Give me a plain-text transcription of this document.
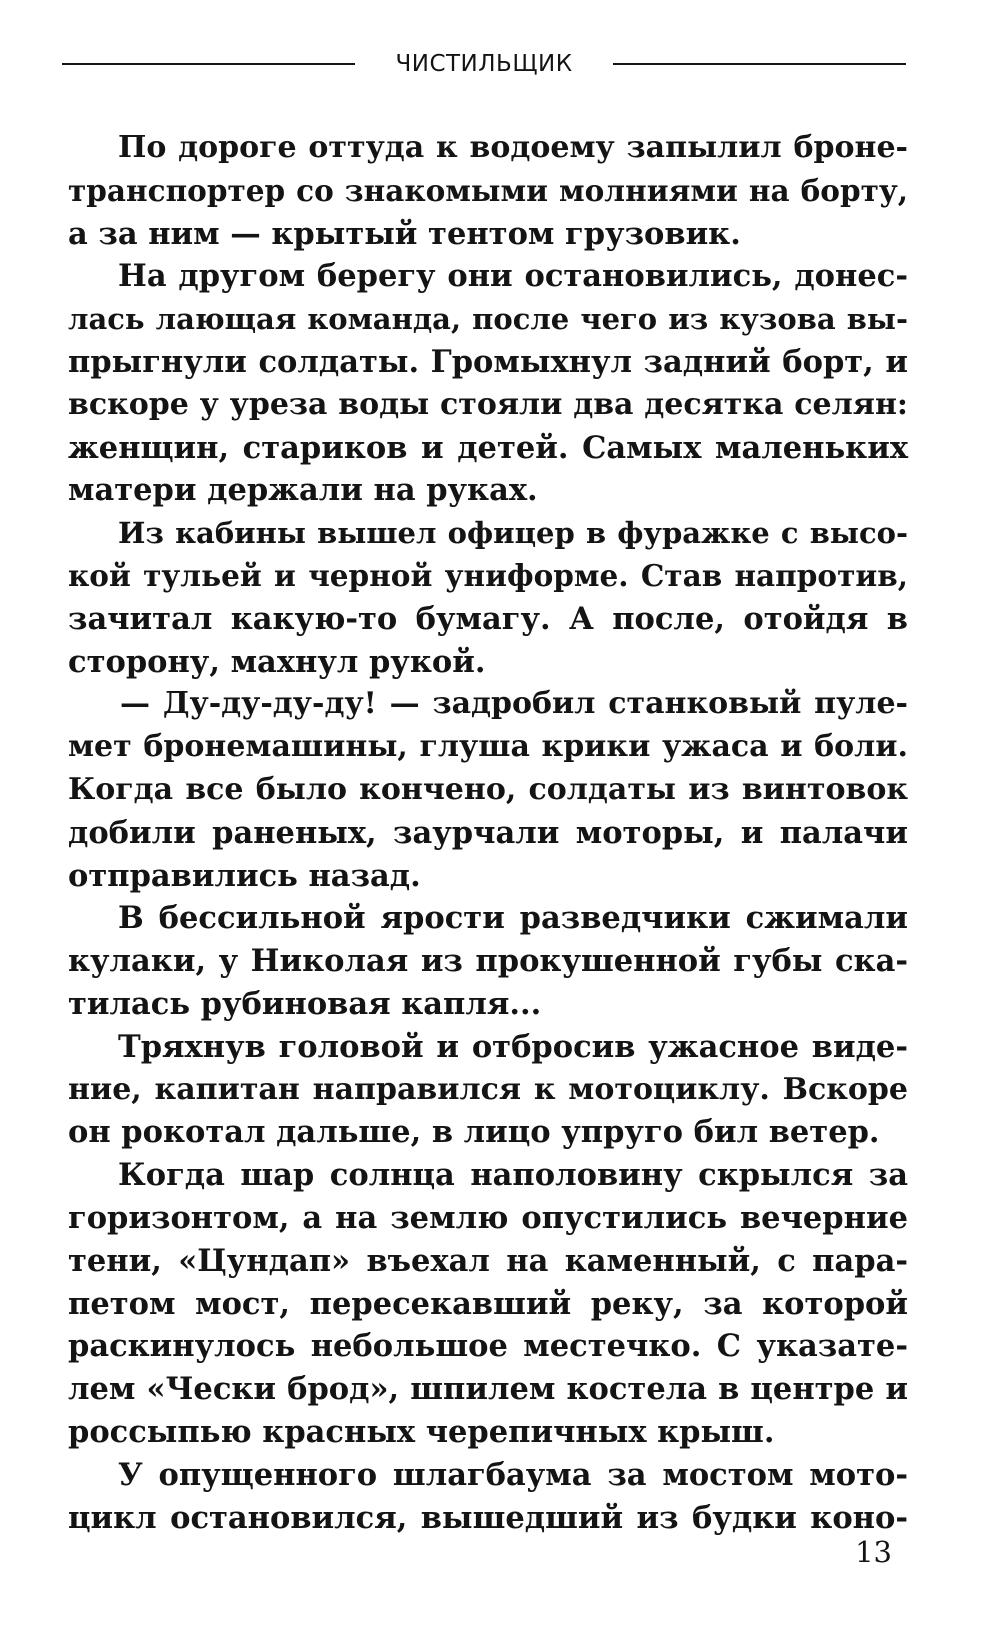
ЧИСТИЛЬЩИК
По дороге оттуда к водоему запылил броне-
транспортер со знакомыми молниями на борту,
а за ним — крытый тентом грузовик.
На другом берегу они остановились, донес-
лась лающая команда, после чего из кузова вы-
прыгнули солдаты. Громыхнул задний борт, и
вскоре у уреза воды стояли два десятка селян:
женщин, стариков и детей. Самых маленьких
матери держали на руках.
Из кабины вышел офицер в фуражке с высо-
кой тульей и черной униформе. Став напротив,
зачитал какую-то бумагу. А после, отойдя в
сторону, махнул рукой.
— Ду-ду-ду-ду! — задробил станковый пуле-
мет бронемашины, глуша крики ужаса и боли.
Когда все было кончено, солдаты из винтовок
добили раненых, заурчали моторы, и палачи
отправились назад.
В бессильной ярости разведчики сжимали
кулаки, у Николая из прокушенной губы ска-
тилась рубиновая капля...
Тряхнув головой и отбросив ужасное виде-
ние, капитан направился к мотоциклу. Вскоре
он рокотал дальше, в лицо упруго бил ветер.
Когда шар солнца наполовину скрылся за
горизонтом, а на землю опустились вечерние
тени, «Цундап» въехал на каменный, с пара-
петом мост, пересекавший реку, за которой
раскинулось небольшое местечко. С указате-
лем «Чески брод», шпилем костела в центре и
россыпью красных черепичных крыш.
У опущенного шлагбаума за мостом мото-
цикл остановился, вышедший из будки коно-
13
